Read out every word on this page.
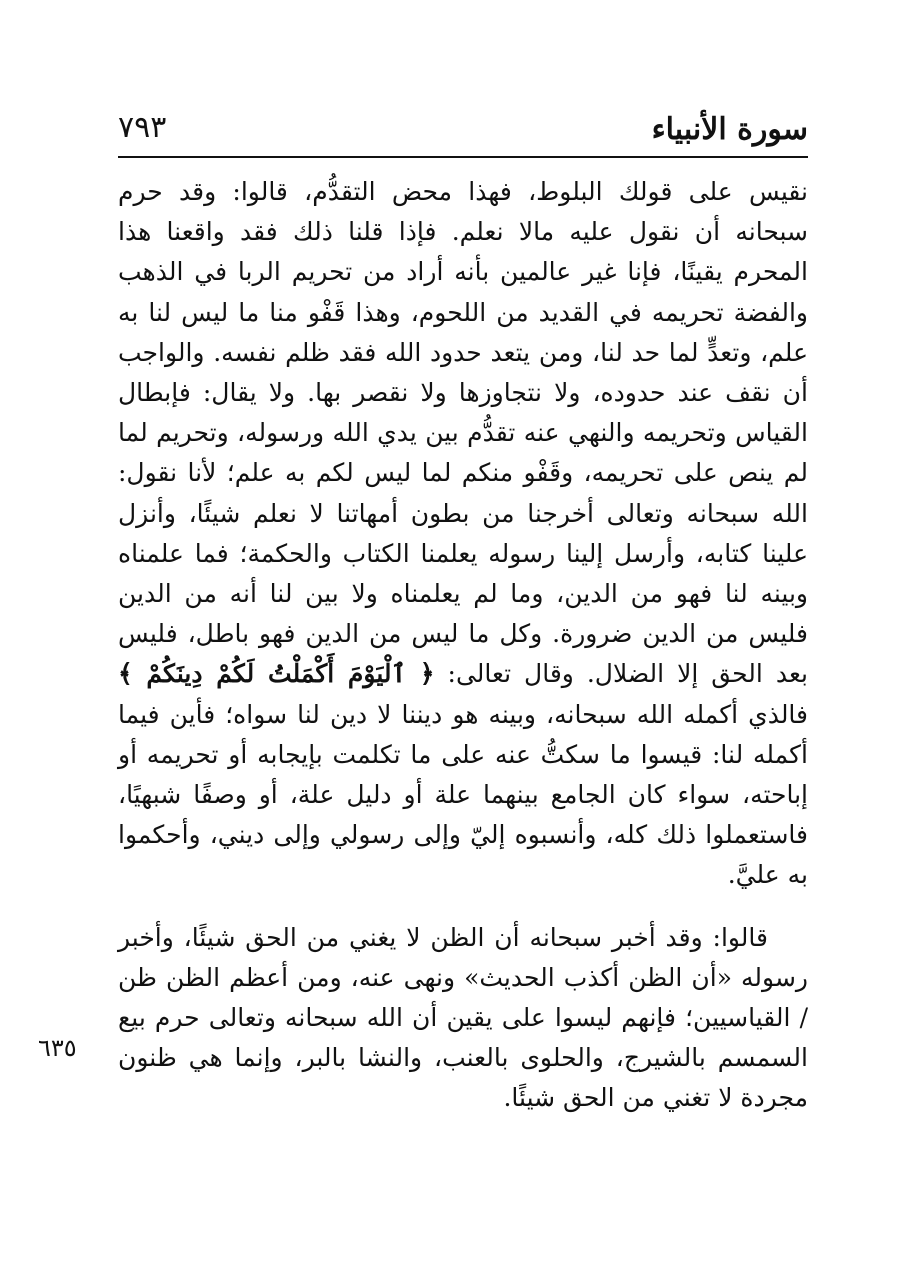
سورة الأنبياء
٧٩٣

نقيس على قولك البلوط، فهذا محض التقدُّم، قالوا: وقد حرم سبحانه أن نقول عليه مالا نعلم. فإذا قلنا ذلك فقد واقعنا هذا المحرم يقينًا، فإنا غير عالمين بأنه أراد من تحريم الربا في الذهب والفضة تحريمه في القديد من اللحوم، وهذا قَفْو منا ما ليس لنا به علم، وتعدٍّ لما حد لنا، ومن يتعد حدود الله فقد ظلم نفسه. والواجب أن نقف عند حدوده، ولا نتجاوزها ولا نقصر بها. ولا يقال: فإبطال القياس وتحريمه والنهي عنه تقدُّم بين يدي الله ورسوله، وتحريم لما لم ينص على تحريمه، وقَفْو منكم لما ليس لكم به علم؛ لأنا نقول: الله سبحانه وتعالى أخرجنا من بطون أمهاتنا لا نعلم شيئًا، وأنزل علينا كتابه، وأرسل إلينا رسوله يعلمنا الكتاب والحكمة؛ فما علمناه وبينه لنا فهو من الدين، وما لم يعلمناه ولا بين لنا أنه من الدين فليس من الدين ضرورة. وكل ما ليس من الدين فهو باطل، فليس بعد الحق إلا الضلال. وقال تعالى: ﴿ ٱلْيَوْمَ أَكْمَلْتُ لَكُمْ دِينَكُمْ ﴾ فالذي أكمله الله سبحانه، وبينه هو ديننا لا دين لنا سواه؛ فأين فيما أكمله لنا: قيسوا ما سكتُّ عنه على ما تكلمت بإيجابه أو تحريمه أو إباحته، سواء كان الجامع بينهما علة أو دليل علة، أو وصفًا شبهيًا، فاستعملوا ذلك كله، وأنسبوه إليّ وإلى رسولي وإلى ديني، وأحكموا به عليَّ.

قالوا: وقد أخبر سبحانه أن الظن لا يغني من الحق شيئًا، وأخبر رسوله «أن الظن أكذب الحديث» ونهى عنه، ومن أعظم الظن ظن / القياسيين؛ فإنهم ليسوا على يقين أن الله سبحانه وتعالى حرم بيع السمسم بالشيرج، والحلوى بالعنب، والنشا بالبر، وإنما هي ظنون مجردة لا تغني من الحق شيئًا.

٦٣٥
